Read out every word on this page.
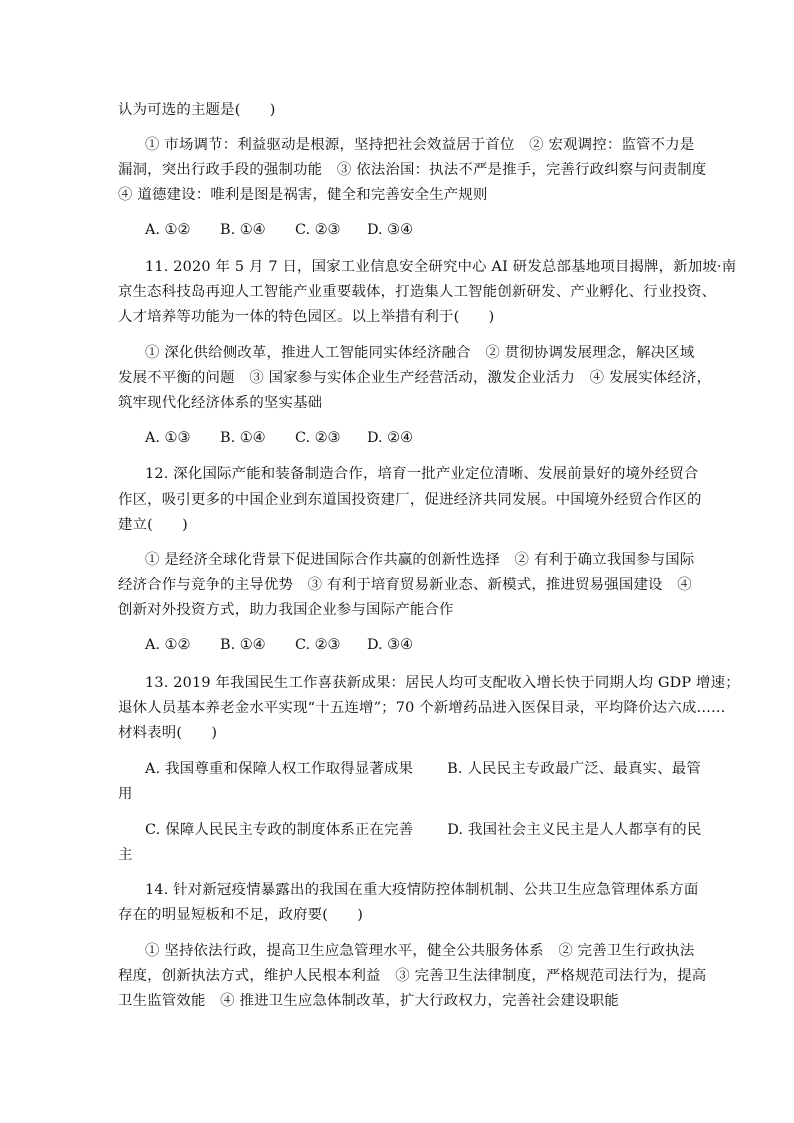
认为可选的主题是(　　)
① 市场调节：利益驱动是根源，坚持把社会效益居于首位　② 宏观调控：监管不力是
漏洞，突出行政手段的强制功能　③ 依法治国：执法不严是推手，完善行政纠察与问责制度
④ 道德建设：唯利是图是祸害，健全和完善安全生产规则
A. ①② B. ①④ C. ②③ D. ③④
11. 2020 年 5 月 7 日，国家工业信息安全研究中心 AI 研发总部基地项目揭牌，新加坡·南
京生态科技岛再迎人工智能产业重要载体，打造集人工智能创新研发、产业孵化、行业投资、
人才培养等功能为一体的特色园区。以上举措有利于(　　)
① 深化供给侧改革，推进人工智能同实体经济融合　② 贯彻协调发展理念，解决区域
发展不平衡的问题　③ 国家参与实体企业生产经营活动，激发企业活力　④ 发展实体经济，
筑牢现代化经济体系的坚实基础
A. ①③ B. ①④ C. ②③ D. ②④
12. 深化国际产能和装备制造合作，培育一批产业定位清晰、发展前景好的境外经贸合
作区，吸引更多的中国企业到东道国投资建厂，促进经济共同发展。中国境外经贸合作区的
建立(　　)
① 是经济全球化背景下促进国际合作共赢的创新性选择　② 有利于确立我国参与国际
经济合作与竞争的主导优势　③ 有利于培育贸易新业态、新模式，推进贸易强国建设　④
创新对外投资方式，助力我国企业参与国际产能合作
A. ①② B. ①④ C. ②③ D. ③④
13. 2019 年我国民生工作喜获新成果：居民人均可支配收入增长快于同期人均 GDP 增速；
退休人员基本养老金水平实现“十五连增”；70 个新增药品进入医保目录，平均降价达六成……
材料表明(　　)
A. 我国尊重和保障人权工作取得显著成果　　 B. 人民民主专政最广泛、最真实、最管
用
C. 保障人民民主专政的制度体系正在完善　　 D. 我国社会主义民主是人人都享有的民
主
14. 针对新冠疫情暴露出的我国在重大疫情防控体制机制、公共卫生应急管理体系方面
存在的明显短板和不足，政府要(　　)
① 坚持依法行政，提高卫生应急管理水平，健全公共服务体系　② 完善卫生行政执法
程度，创新执法方式，维护人民根本利益　③ 完善卫生法律制度，严格规范司法行为，提高
卫生监管效能　④ 推进卫生应急体制改革，扩大行政权力，完善社会建设职能
